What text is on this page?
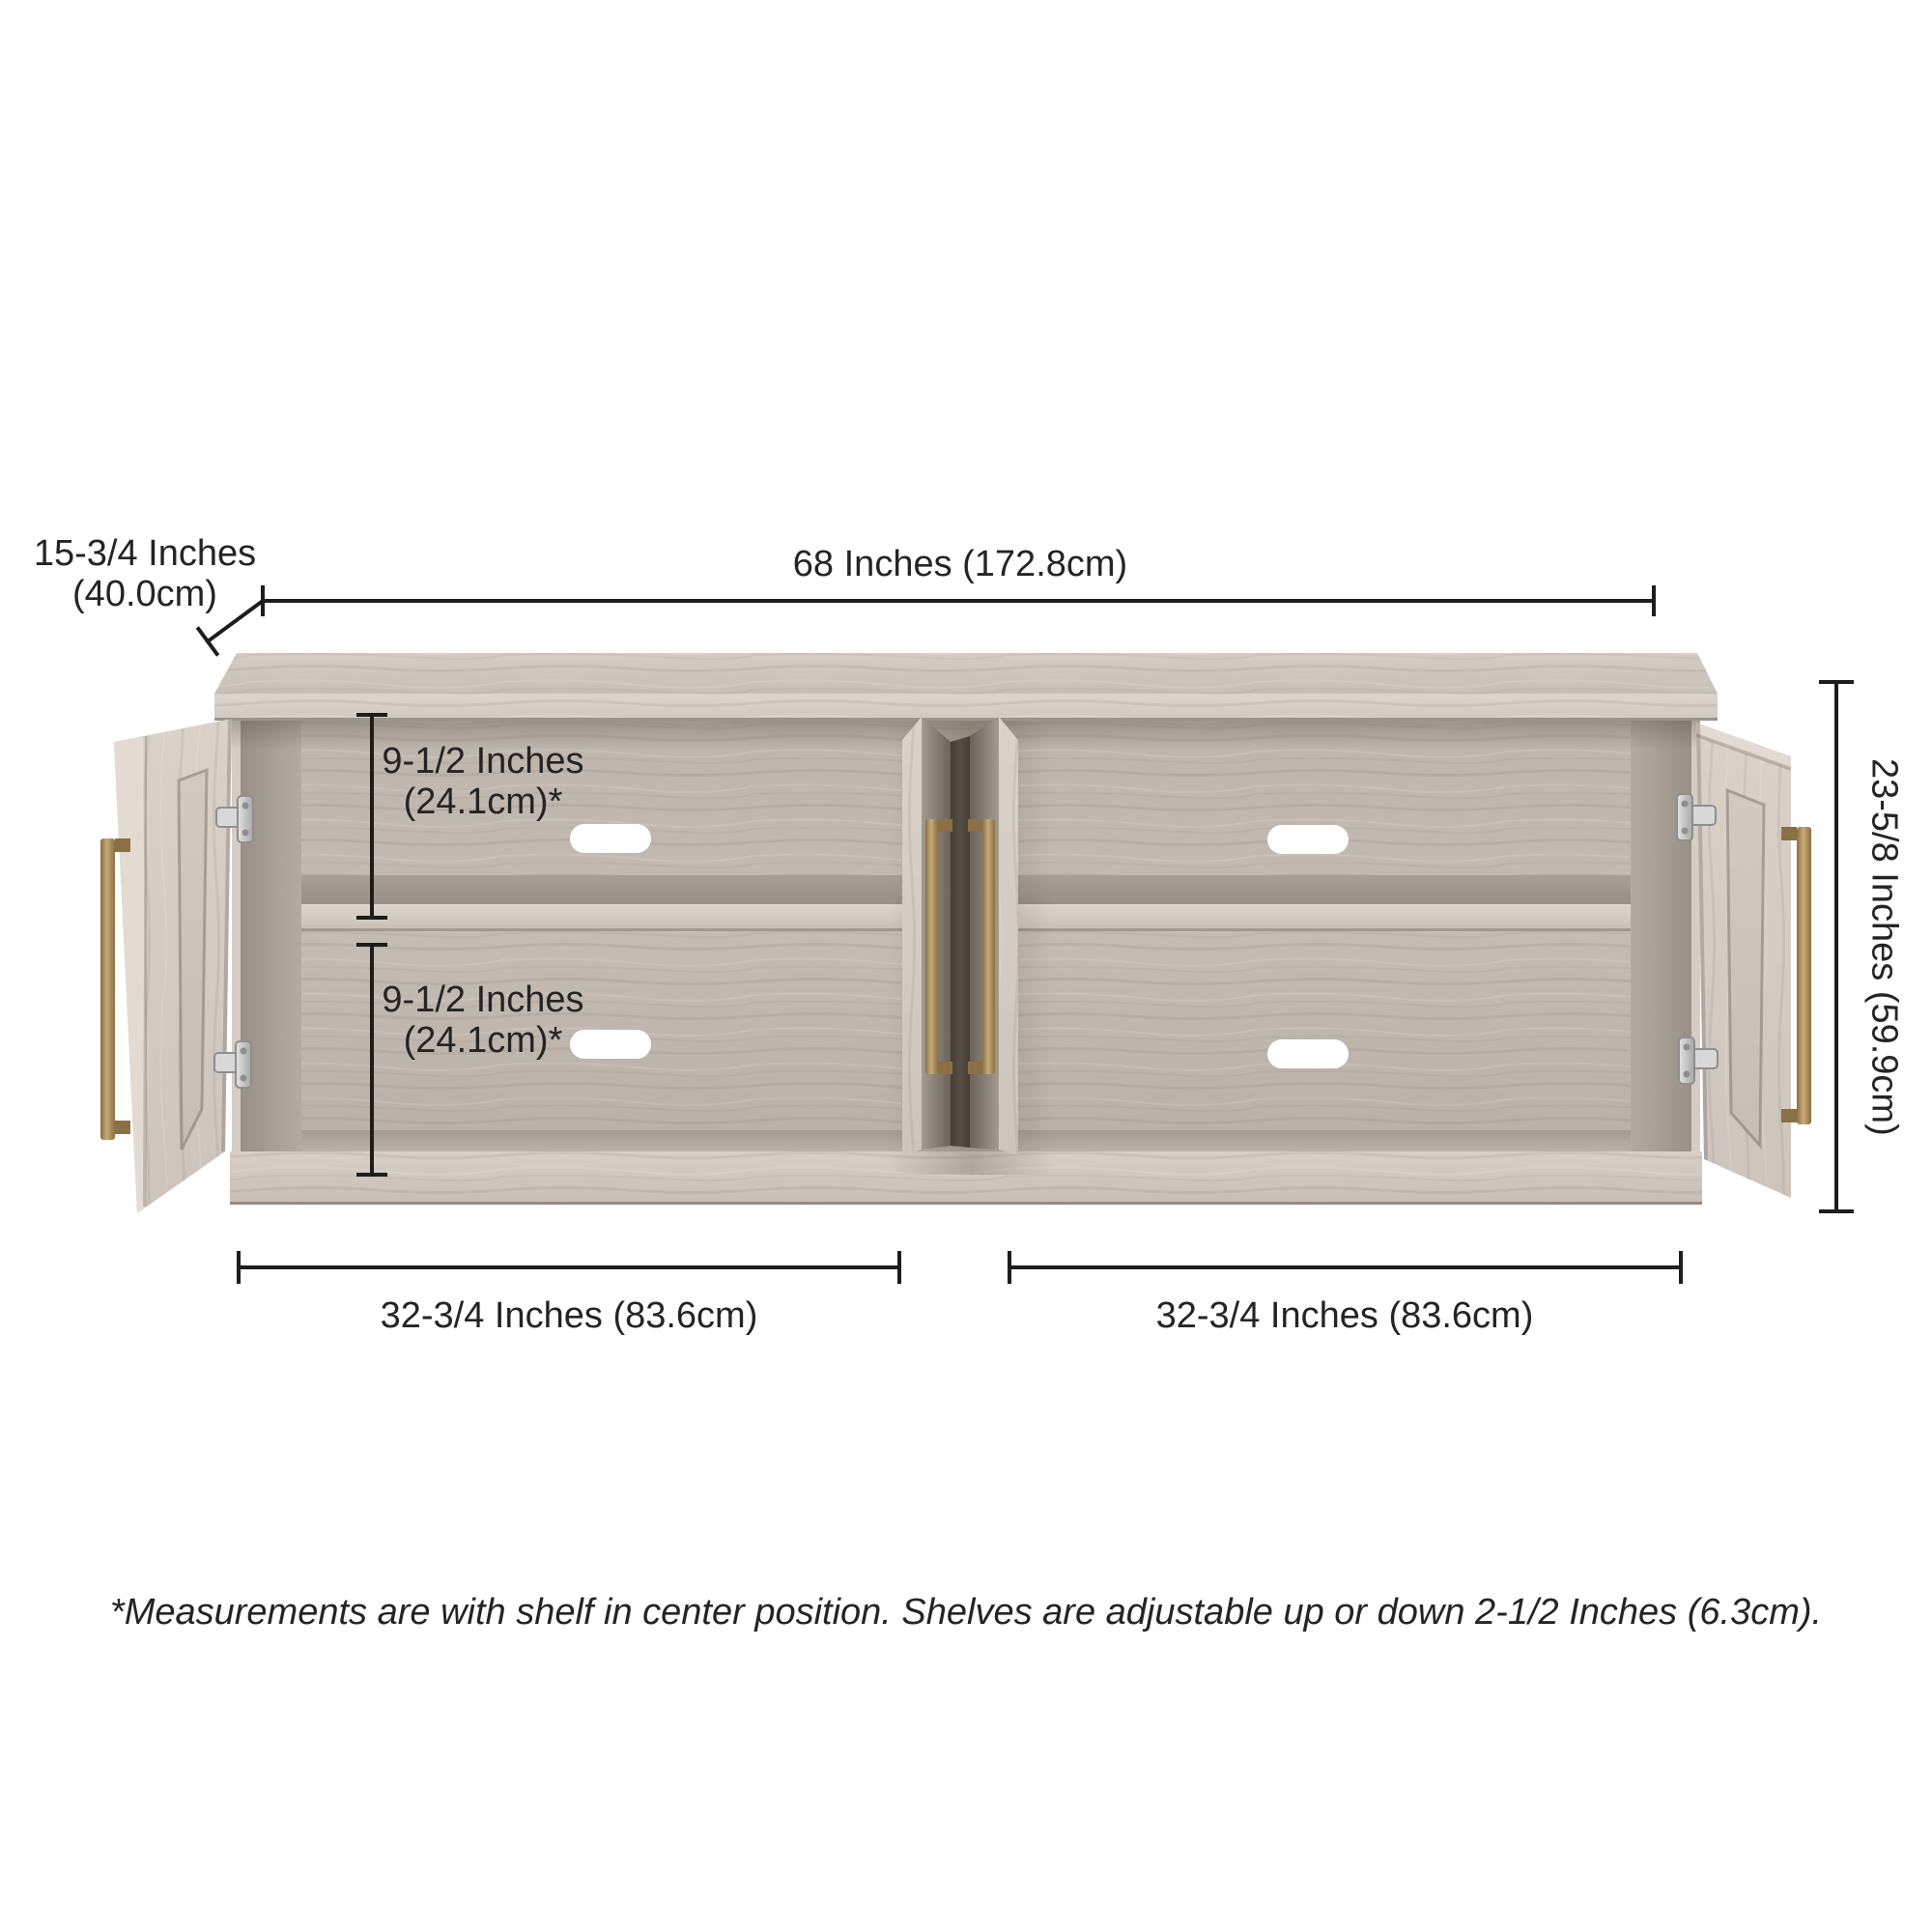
15-3/4 Inches
(40.0cm)
68 Inches (172.8cm)
9-1/2 Inches
(24.1cm)*
9-1/2 Inches
(24.1cm)*	23-5/8 Inches (59.9cm)
32-3/4 Inches (83.6cm)	32-3/4 Inches (83.6cm)
*Measurements are with shelf in center position. Shelves are adjustable up or down 2-1/2 Inches (6.3cm).
